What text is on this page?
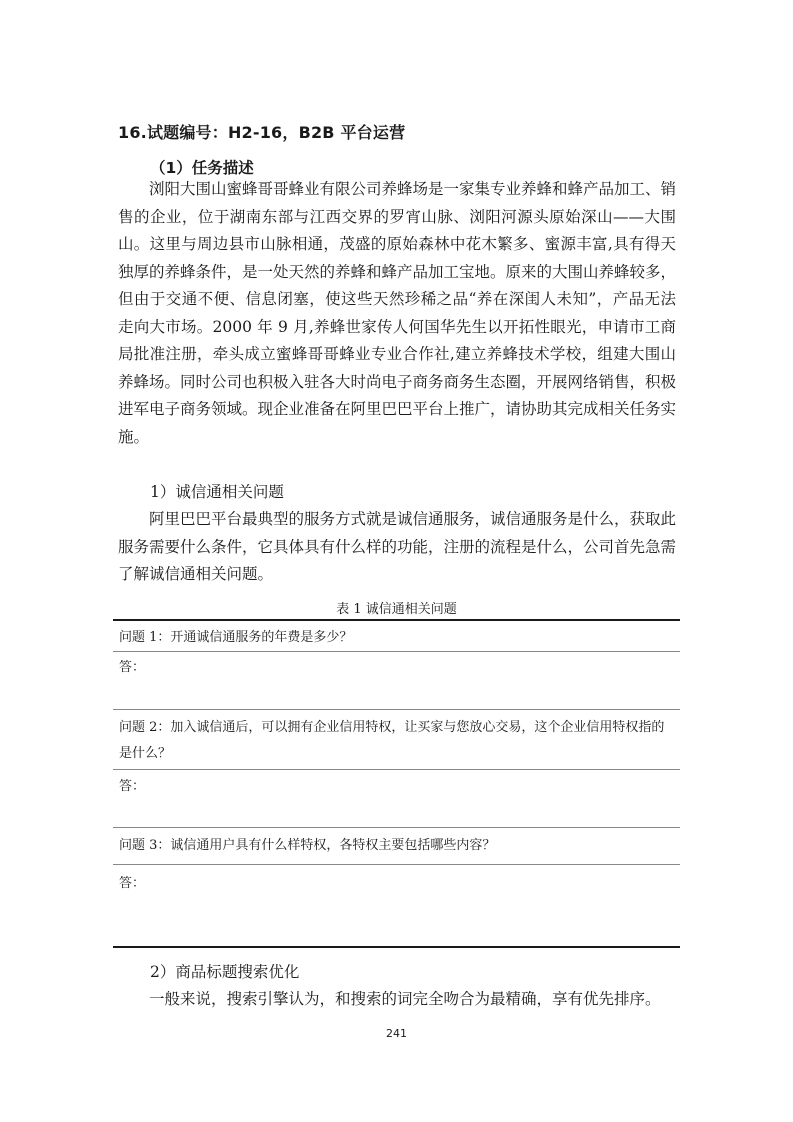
16.试题编号：H2-16，B2B 平台运营
（1）任务描述

浏阳大围山蜜蜂哥哥蜂业有限公司养蜂场是一家集专业养蜂和蜂产品加工、销售的企业，位于湖南东部与江西交界的罗宵山脉、浏阳河源头原始深山——大围山。这里与周边县市山脉相通，茂盛的原始森林中花木繁多、蜜源丰富,具有得天独厚的养蜂条件，是一处天然的养蜂和蜂产品加工宝地。原来的大围山养蜂较多，但由于交通不便、信息闭塞，使这些天然珍稀之品“养在深闺人未知”，产品无法走向大市场。2000 年 9 月,养蜂世家传人何国华先生以开拓性眼光，申请市工商局批准注册，牵头成立蜜蜂哥哥蜂业专业合作社,建立养蜂技术学校，组建大围山养蜂场。同时公司也积极入驻各大时尚电子商务商务生态圈，开展网络销售，积极进军电子商务领域。现企业准备在阿里巴巴平台上推广，请协助其完成相关任务实施。

1）诚信通相关问题

阿里巴巴平台最典型的服务方式就是诚信通服务，诚信通服务是什么，获取此服务需要什么条件，它具体具有什么样的功能，注册的流程是什么，公司首先急需了解诚信通相关问题。

表 1 诚信通相关问题
问题 1：开通诚信通服务的年费是多少？
答：
问题 2：加入诚信通后，可以拥有企业信用特权，让买家与您放心交易，这个企业信用特权指的是什么？
答：
问题 3：诚信通用户具有什么样特权，各特权主要包括哪些内容？
答：
2）商品标题搜索优化

一般来说，搜索引擎认为，和搜索的词完全吻合为最精确，享有优先排序。

241
